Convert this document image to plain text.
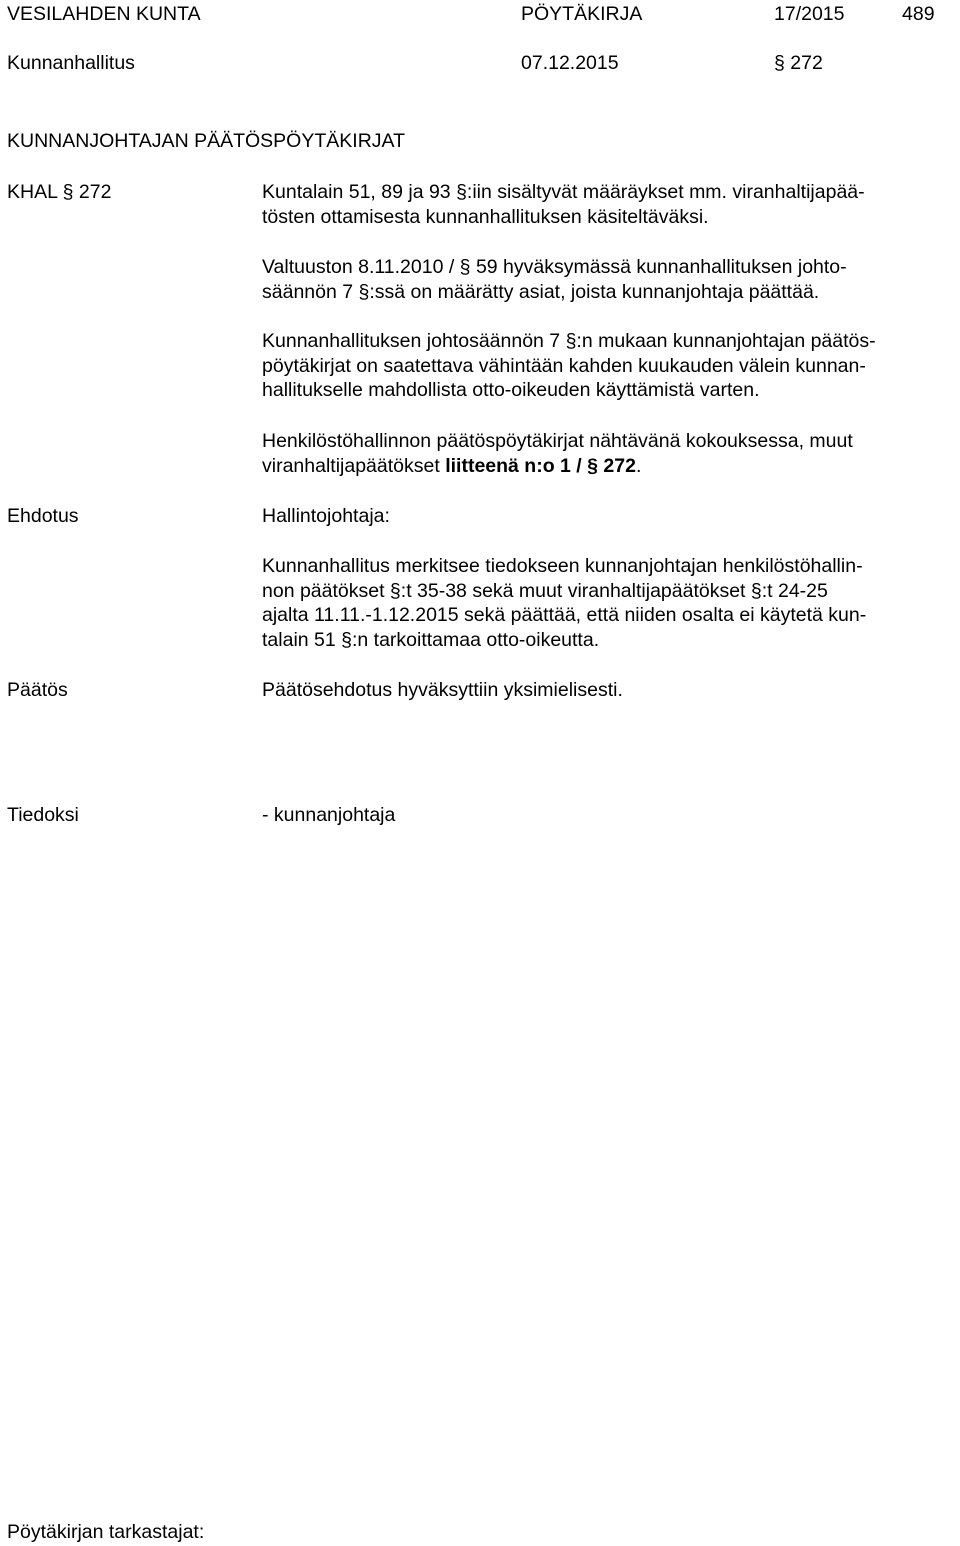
VESILAHDEN KUNTA	PÖYTÄKIRJA	17/2015	489
Kunnanhallitus	07.12.2015	§ 272
KUNNANJOHTAJAN PÄÄTÖSPÖYTÄKIRJAT
KHAL § 272	Kuntalain 51, 89 ja 93 §:iin sisältyvät määräykset mm. viranhaltijapää-
tösten ottamisesta kunnanhallituksen käsiteltäväksi.
Valtuuston 8.11.2010 / § 59 hyväksymässä kunnanhallituksen johto-
säännön 7 §:ssä on määrätty asiat, joista kunnanjohtaja päättää.
Kunnanhallituksen johtosäännön 7 §:n mukaan kunnanjohtajan päätös-
pöytäkirjat on saatettava vähintään kahden kuukauden välein kunnan-
hallitukselle mahdollista otto-oikeuden käyttämistä varten.
Henkilöstöhallinnon päätöspöytäkirjat nähtävänä kokouksessa, muut
viranhaltijapäätökset liitteenä n:o 1 / § 272.
Ehdotus	Hallintojohtaja:
Kunnanhallitus merkitsee tiedokseen kunnanjohtajan henkilöstöhallin-
non päätökset §:t 35-38 sekä muut viranhaltijapäätökset §:t 24-25
ajalta 11.11.-1.12.2015 sekä päättää, että niiden osalta ei käytetä kun-
talain 51 §:n tarkoittamaa otto-oikeutta.
Päätös	Päätösehdotus hyväksyttiin yksimielisesti.
Tiedoksi	- kunnanjohtaja
Pöytäkirjan tarkastajat:
